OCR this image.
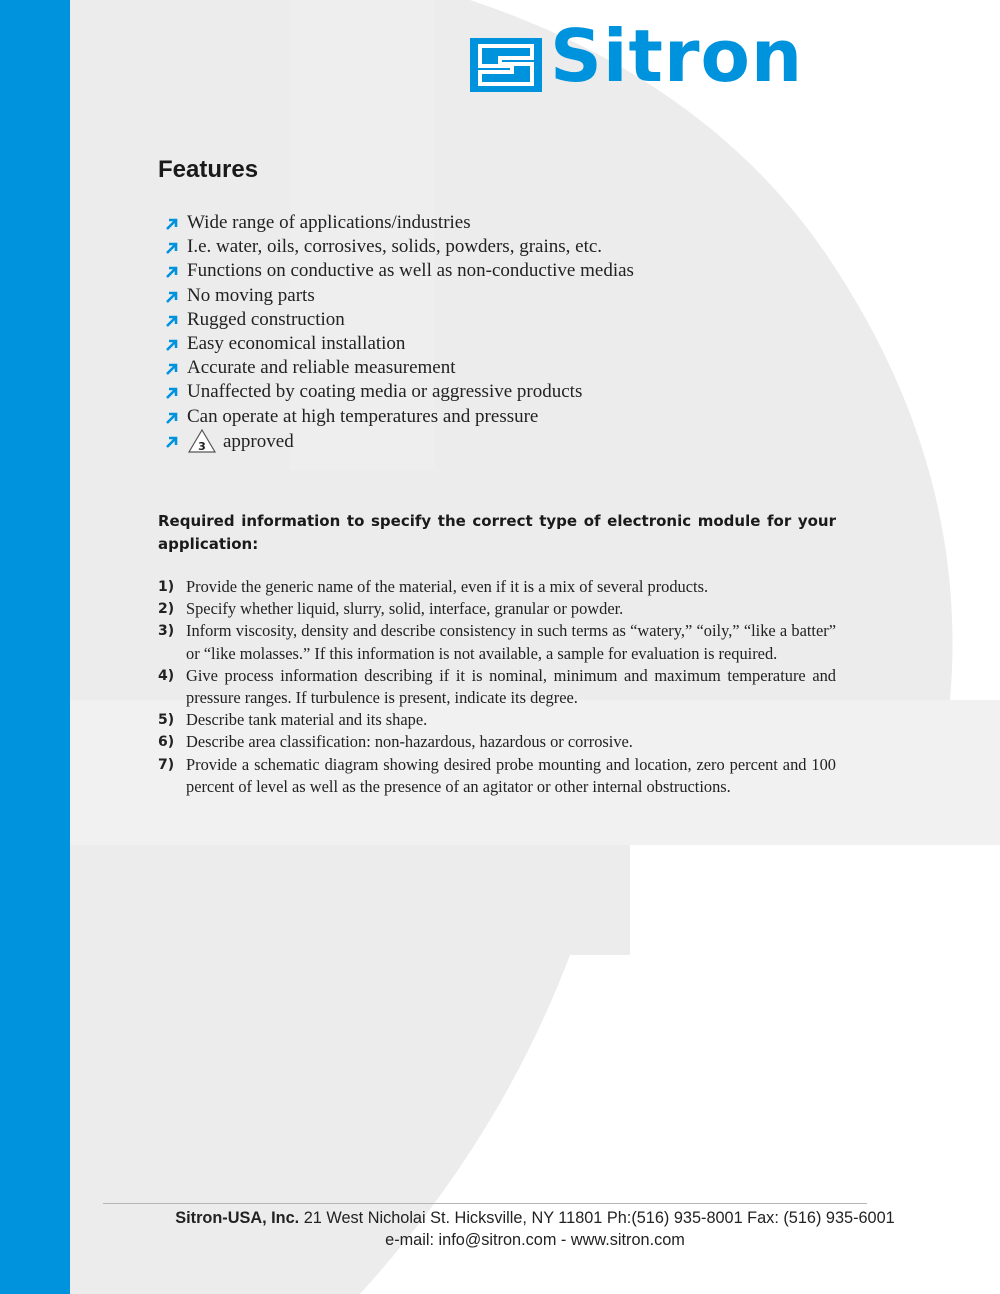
Sitron
Features
Wide range of applications/industries
I.e. water, oils, corrosives, solids, powders, grains, etc.
Functions on conductive as well as non-conductive medias
No moving parts
Rugged construction
Easy economical installation
Accurate and reliable measurement
Unaffected by coating media or aggressive products
Can operate at high temperatures and pressure
3 approved

Required information to specify the correct type of electronic module for your application:

1) Provide the generic name of the material, even if it is a mix of several products.
2) Specify whether liquid, slurry, solid, interface, granular or powder.
3) Inform viscosity, density and describe consistency in such terms as “watery,” “oily,” “like a batter” or “like molasses.” If this information is not available, a sample for evaluation is required.
4) Give process information describing if it is nominal, minimum and maximum temperature and pressure ranges. If turbulence is present, indicate its degree.
5) Describe tank material and its shape.
6) Describe area classification: non-hazardous, hazardous or corrosive.
7) Provide a schematic diagram showing desired probe mounting and location, zero percent and 100 percent of level as well as the presence of an agitator or other internal obstructions.
Sitron-USA, Inc. 21 West Nicholai St. Hicksville, NY 11801 Ph:(516) 935-8001 Fax: (516) 935-6001
e-mail: info@sitron.com - www.sitron.com
